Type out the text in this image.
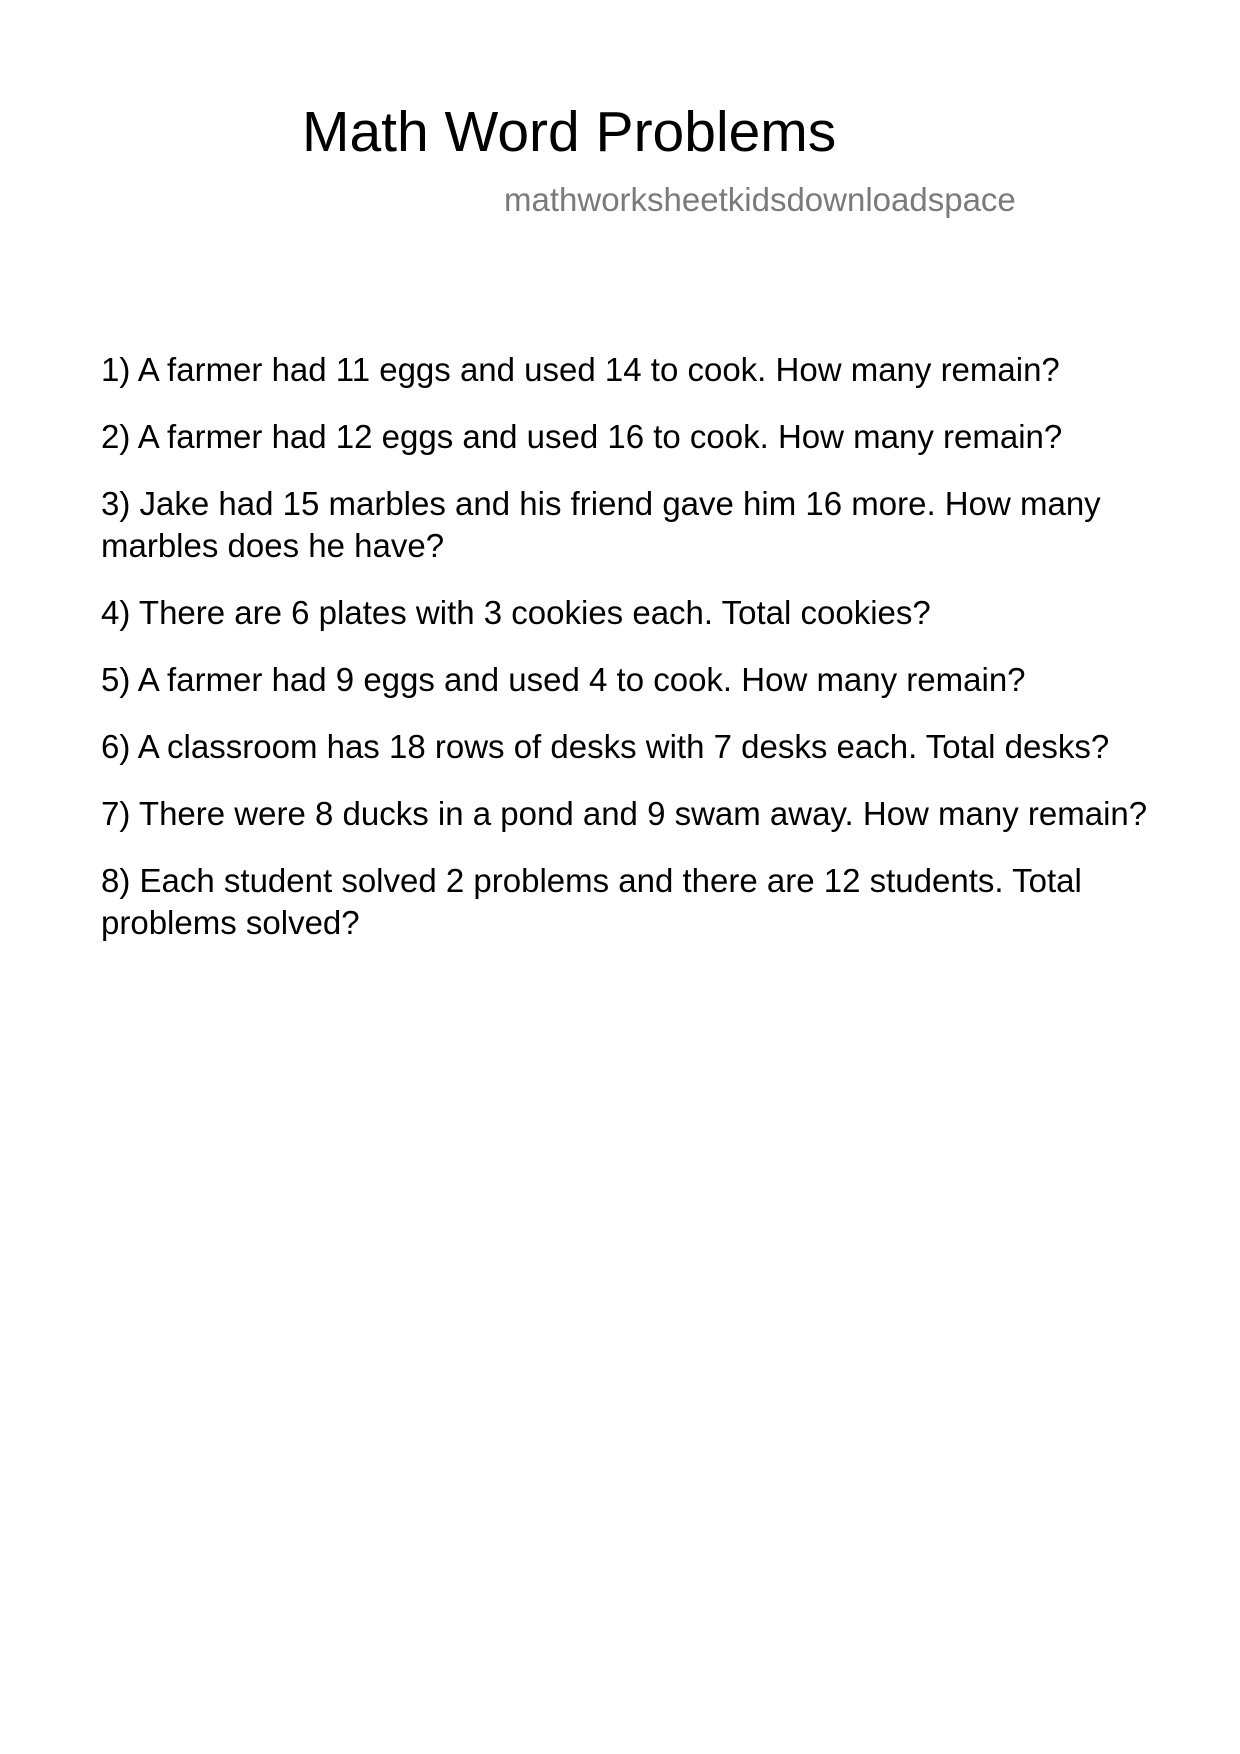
Math Word Problems
mathworksheetkidsdownloadspace
1) A farmer had 11 eggs and used 14 to cook. How many remain?
2) A farmer had 12 eggs and used 16 to cook. How many remain?
3) Jake had 15 marbles and his friend gave him 16 more. How many marbles does he have?
4) There are 6 plates with 3 cookies each. Total cookies?
5) A farmer had 9 eggs and used 4 to cook. How many remain?
6) A classroom has 18 rows of desks with 7 desks each. Total desks?
7) There were 8 ducks in a pond and 9 swam away. How many remain?
8) Each student solved 2 problems and there are 12 students. Total problems solved?
